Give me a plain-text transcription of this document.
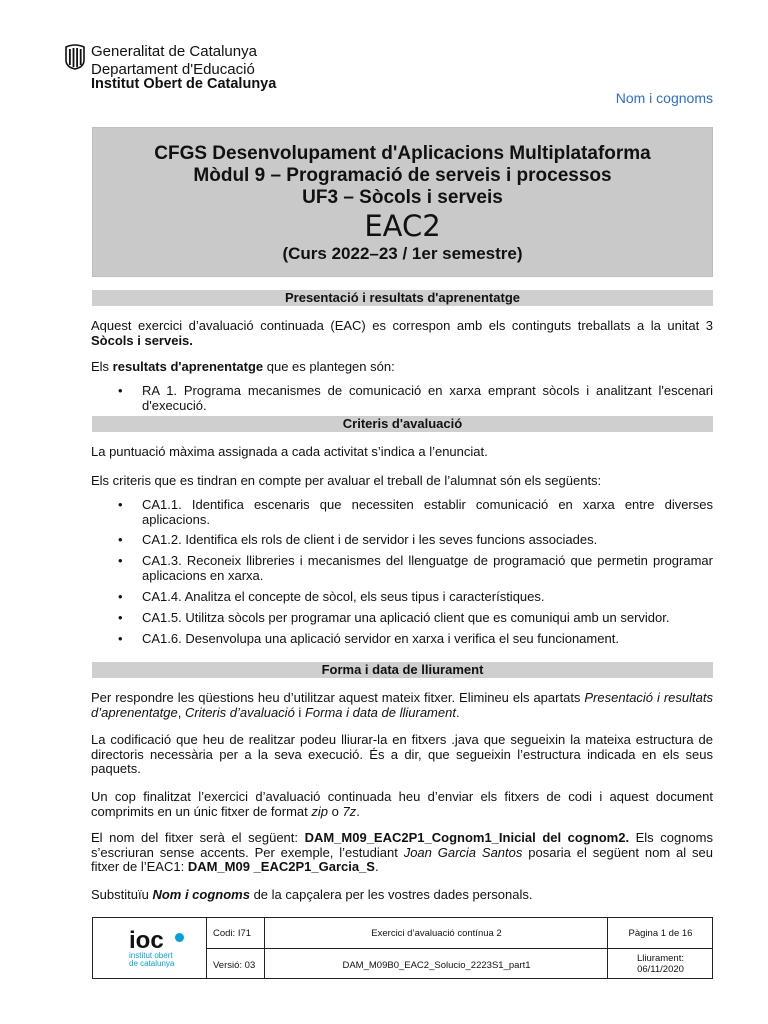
Generalitat de Catalunya
Departament d'Educació
Institut Obert de Catalunya
Nom i cognoms
CFGS Desenvolupament d'Aplicacions Multiplataforma
Mòdul 9 – Programació de serveis i processos
UF3 – Sòcols i serveis
EAC2
(Curs 2022–23 / 1er semestre)
Presentació i resultats d'aprenentatge
Aquest exercici d’avaluació continuada (EAC) es correspon amb els continguts treballats a la unitat 3 Sòcols i serveis.
Els resultats d'aprenentatge que es plantegen són:
• RA 1. Programa mecanismes de comunicació en xarxa emprant sòcols i analitzant l'escenari d'execució.
Criteris d'avaluació
La puntuació màxima assignada a cada activitat s’indica a l’enunciat.
Els criteris que es tindran en compte per avaluar el treball de l’alumnat són els següents:
• CA1.1. Identifica escenaris que necessiten establir comunicació en xarxa entre diverses aplicacions.
• CA1.2. Identifica els rols de client i de servidor i les seves funcions associades.
• CA1.3. Reconeix llibreries i mecanismes del llenguatge de programació que permetin programar aplicacions en xarxa.
• CA1.4. Analitza el concepte de sòcol, els seus tipus i característiques.
• CA1.5. Utilitza sòcols per programar una aplicació client que es comuniqui amb un servidor.
• CA1.6. Desenvolupa una aplicació servidor en xarxa i verifica el seu funcionament.
Forma i data de lliurament
Per respondre les qüestions heu d’utilitzar aquest mateix fitxer. Elimineu els apartats Presentació i resultats d’aprenentatge, Criteris d’avaluació i Forma i data de lliurament.
La codificació que heu de realitzar podeu lliurar-la en fitxers .java que segueixin la mateixa estructura de directoris necessària per a la seva execució. És a dir, que segueixin l’estructura indicada en els seus paquets.
Un cop finalitzat l’exercici d’avaluació continuada heu d’enviar els fitxers de codi i aquest document comprimits en un únic fitxer de format zip o 7z.
El nom del fitxer serà el següent: DAM_M09_EAC2P1_Cognom1_Inicial del cognom2. Els cognoms s’escriuran sense accents. Per exemple, l’estudiant Joan Garcia Santos posaria el següent nom al seu fitxer de l’EAC1: DAM_M09 _EAC2P1_Garcia_S.
Substituïu Nom i cognoms de la capçalera per les vostres dades personals.
ioc
institut obert
de catalunya
Codi: I71
Versió: 03
Exercici d’avaluació contínua 2
DAM_M09B0_EAC2_Solucio_2223S1_part1
Pàgina 1 de 16
Lliurament:
06/11/2020
